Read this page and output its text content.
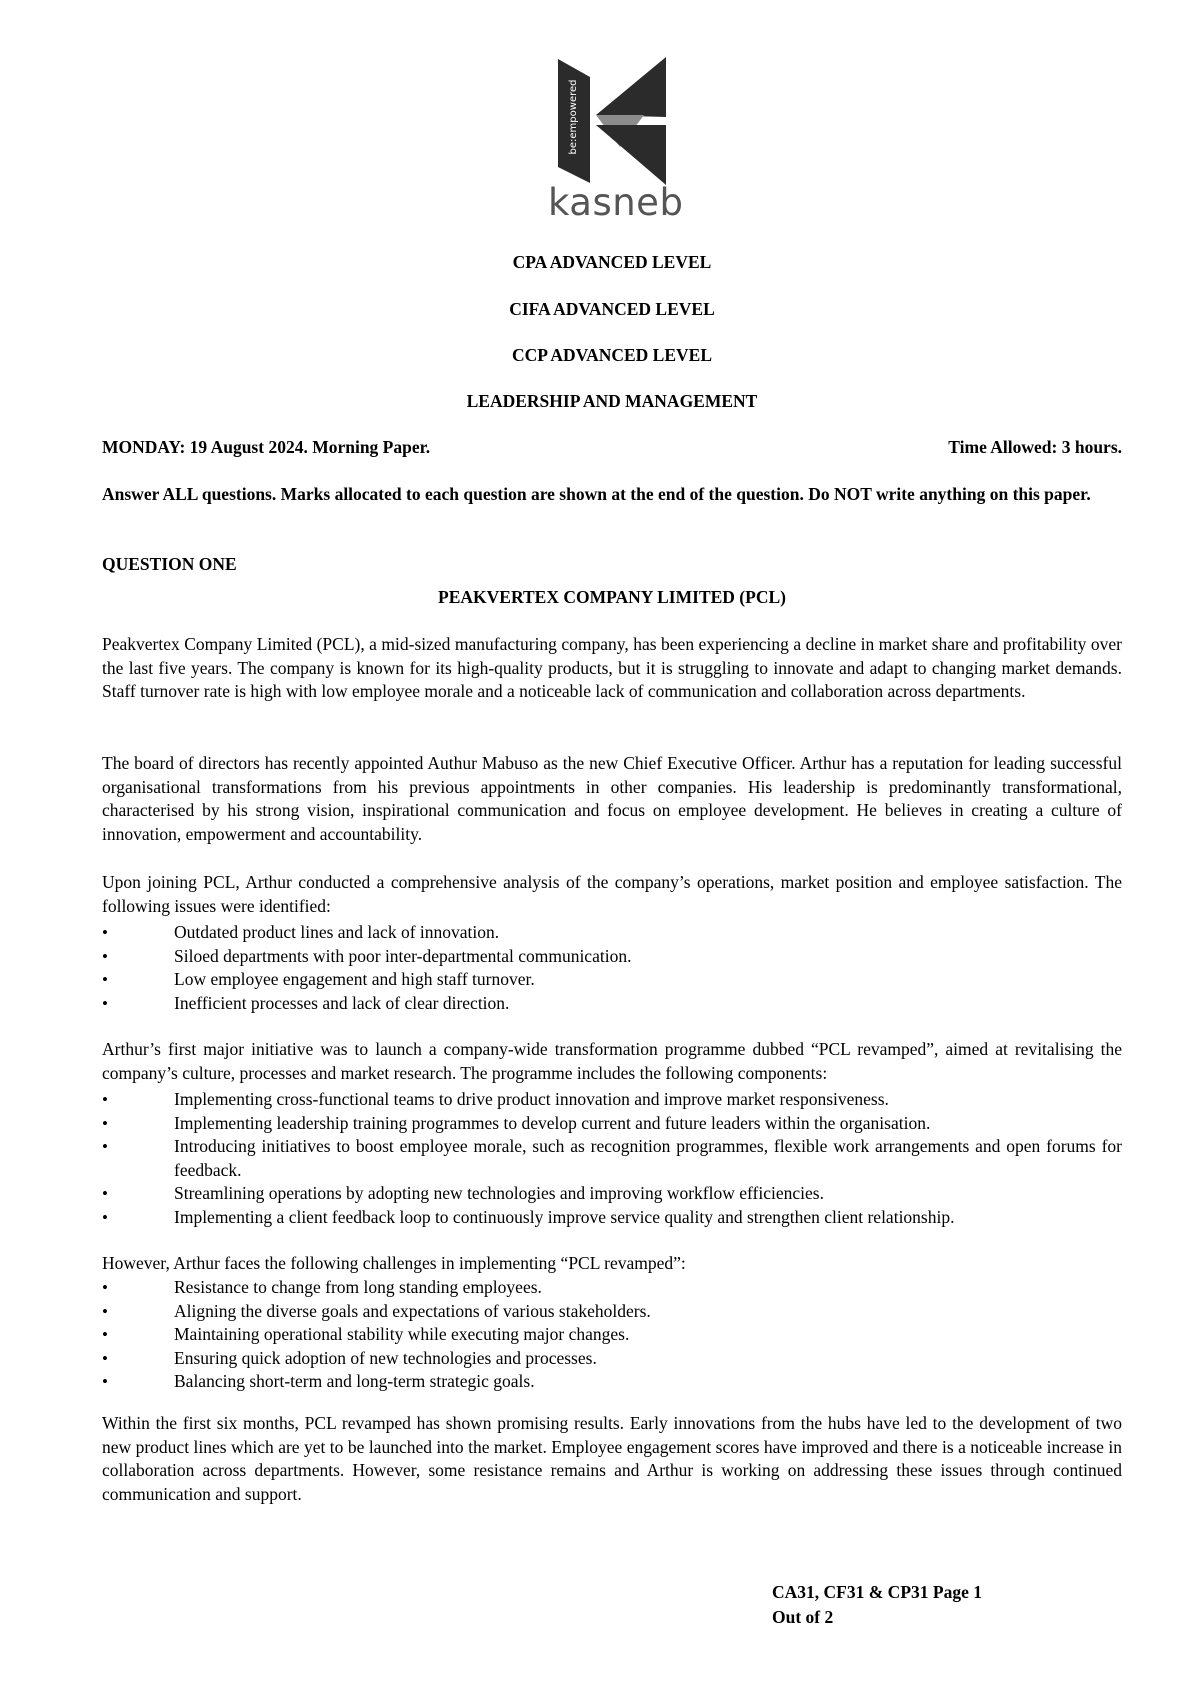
be:empowered
kasneb

CPA ADVANCED LEVEL

CIFA ADVANCED LEVEL

CCP ADVANCED LEVEL

LEADERSHIP AND MANAGEMENT

MONDAY: 19 August 2024. Morning Paper.	Time Allowed: 3 hours.

Answer ALL questions. Marks allocated to each question are shown at the end of the question. Do NOT write anything on this paper.

QUESTION ONE

PEAKVERTEX COMPANY LIMITED (PCL)

Peakvertex Company Limited (PCL), a mid-sized manufacturing company, has been experiencing a decline in market share and profitability over the last five years. The company is known for its high-quality products, but it is struggling to innovate and adapt to changing market demands. Staff turnover rate is high with low employee morale and a noticeable lack of communication and collaboration across departments.

The board of directors has recently appointed Authur Mabuso as the new Chief Executive Officer. Arthur has a reputation for leading successful organisational transformations from his previous appointments in other companies. His leadership is predominantly transformational, characterised by his strong vision, inspirational communication and focus on employee development. He believes in creating a culture of innovation, empowerment and accountability.

Upon joining PCL, Arthur conducted a comprehensive analysis of the company’s operations, market position and employee satisfaction. The following issues were identified:

• Outdated product lines and lack of innovation.
• Siloed departments with poor inter-departmental communication.
• Low employee engagement and high staff turnover.
• Inefficient processes and lack of clear direction.

Arthur’s first major initiative was to launch a company-wide transformation programme dubbed “PCL revamped”, aimed at revitalising the company’s culture, processes and market research. The programme includes the following components:

• Implementing cross-functional teams to drive product innovation and improve market responsiveness.
• Implementing leadership training programmes to develop current and future leaders within the organisation.
• Introducing initiatives to boost employee morale, such as recognition programmes, flexible work arrangements and open forums for feedback.
• Streamlining operations by adopting new technologies and improving workflow efficiencies.
• Implementing a client feedback loop to continuously improve service quality and strengthen client relationship.

However, Arthur faces the following challenges in implementing “PCL revamped”:

• Resistance to change from long standing employees.
• Aligning the diverse goals and expectations of various stakeholders.
• Maintaining operational stability while executing major changes.
• Ensuring quick adoption of new technologies and processes.
• Balancing short-term and long-term strategic goals.

Within the first six months, PCL revamped has shown promising results. Early innovations from the hubs have led to the development of two new product lines which are yet to be launched into the market. Employee engagement scores have improved and there is a noticeable increase in collaboration across departments. However, some resistance remains and Arthur is working on addressing these issues through continued communication and support.

CA31, CF31 & CP31 Page 1
Out of 2
